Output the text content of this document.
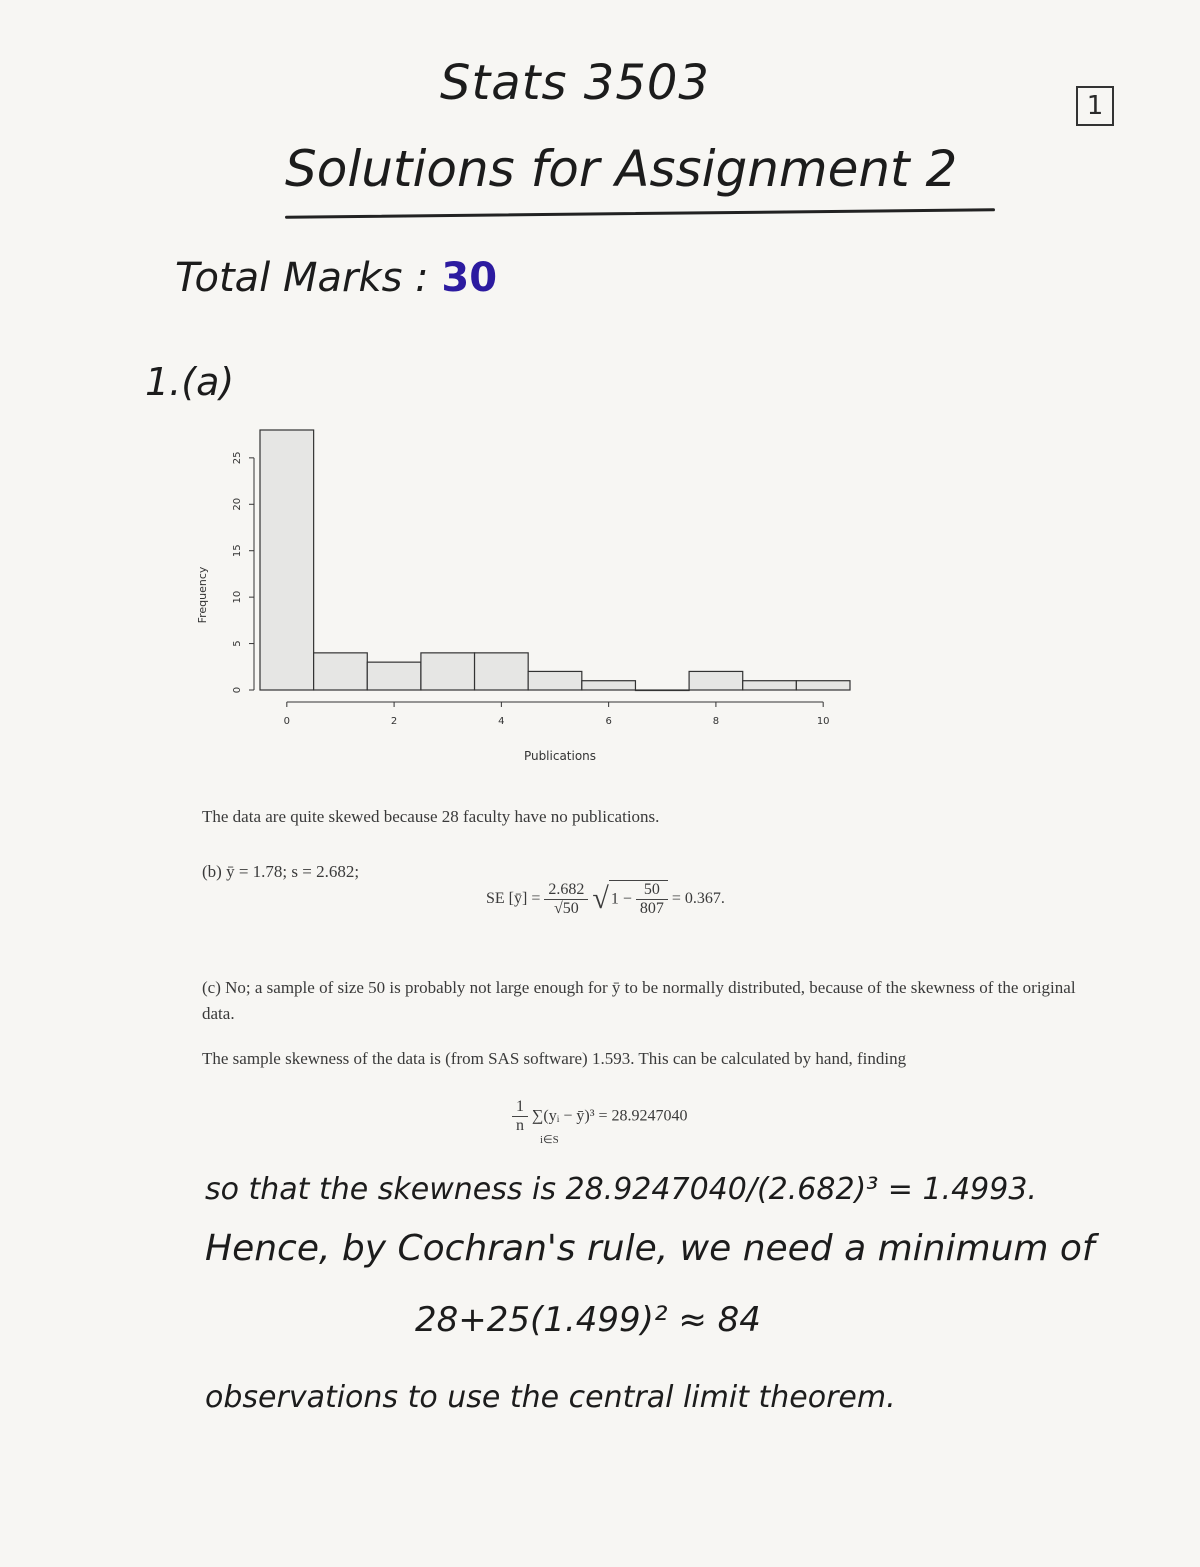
Stats 3503
Solutions for Assignment 2
1
Total Marks : 30
1.(a)
0
5
10
15
20
25
0	2	4	6	8	10
Publications
Frequency
The data are quite skewed because 28 faculty have no publications.
(b) ȳ = 1.78; s = 2.682;
SE [ȳ] = $\frac{2.682}{√50}$ √ $1 - \frac{50}{807} = 0.367$.
(c) No; a sample of size 50 is probably not large enough for ȳ to be normally distributed, because of the skewness of the original data.
The sample skewness of the data is (from SAS software) 1.593. This can be calculated by hand, finding
$\frac{1}{n}$ ∑(yᵢ − ȳ)³ = 28.9247040
i∈S
so that the skewness is 28.9247040/(2.682)³ = 1.4993.
Hence, by Cochran's rule, we need a minimum of
28+25(1.499)² ≈ 84
observations to use the central limit theorem.
